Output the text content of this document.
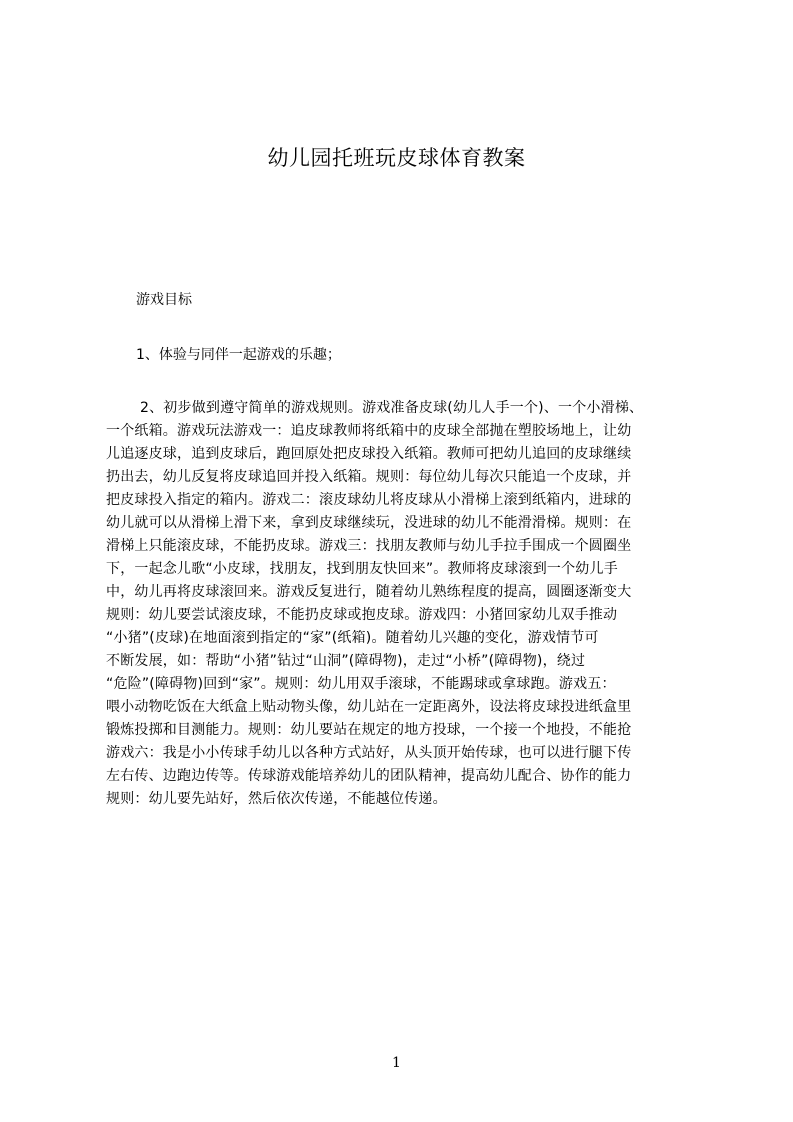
幼儿园托班玩皮球体育教案
游戏目标
1、体验与同伴一起游戏的乐趣；
2、初步做到遵守简单的游戏规则。游戏准备皮球(幼儿人手一个)、一个小滑梯、
一个纸箱。游戏玩法游戏一：追皮球教师将纸箱中的皮球全部抛在塑胶场地上，让幼
儿追逐皮球，追到皮球后，跑回原处把皮球投入纸箱。教师可把幼儿追回的皮球继续
扔出去，幼儿反复将皮球追回并投入纸箱。规则：每位幼儿每次只能追一个皮球，并
把皮球投入指定的箱内。游戏二：滚皮球幼儿将皮球从小滑梯上滚到纸箱内，进球的
幼儿就可以从滑梯上滑下来，拿到皮球继续玩，没进球的幼儿不能滑滑梯。规则：在
滑梯上只能滚皮球，不能扔皮球。游戏三：找朋友教师与幼儿手拉手围成一个圆圈坐
下，一起念儿歌“小皮球，找朋友，找到朋友快回来”。教师将皮球滚到一个幼儿手
中，幼儿再将皮球滚回来。游戏反复进行，随着幼儿熟练程度的提高，圆圈逐渐变大
规则：幼儿要尝试滚皮球，不能扔皮球或抱皮球。游戏四：小猪回家幼儿双手推动
“小猪”(皮球)在地面滚到指定的“家”(纸箱)。随着幼儿兴趣的变化，游戏情节可
不断发展，如：帮助“小猪”钻过“山洞”(障碍物)，走过“小桥”(障碍物)，绕过
“危险”(障碍物)回到“家”。规则：幼儿用双手滚球，不能踢球或拿球跑。游戏五：
喂小动物吃饭在大纸盒上贴动物头像，幼儿站在一定距离外，设法将皮球投进纸盒里
锻炼投掷和目测能力。规则：幼儿要站在规定的地方投球，一个接一个地投，不能抢
游戏六：我是小小传球手幼儿以各种方式站好，从头顶开始传球，也可以进行腿下传
左右传、边跑边传等。传球游戏能培养幼儿的团队精神，提高幼儿配合、协作的能力
规则：幼儿要先站好，然后依次传递，不能越位传递。
1
